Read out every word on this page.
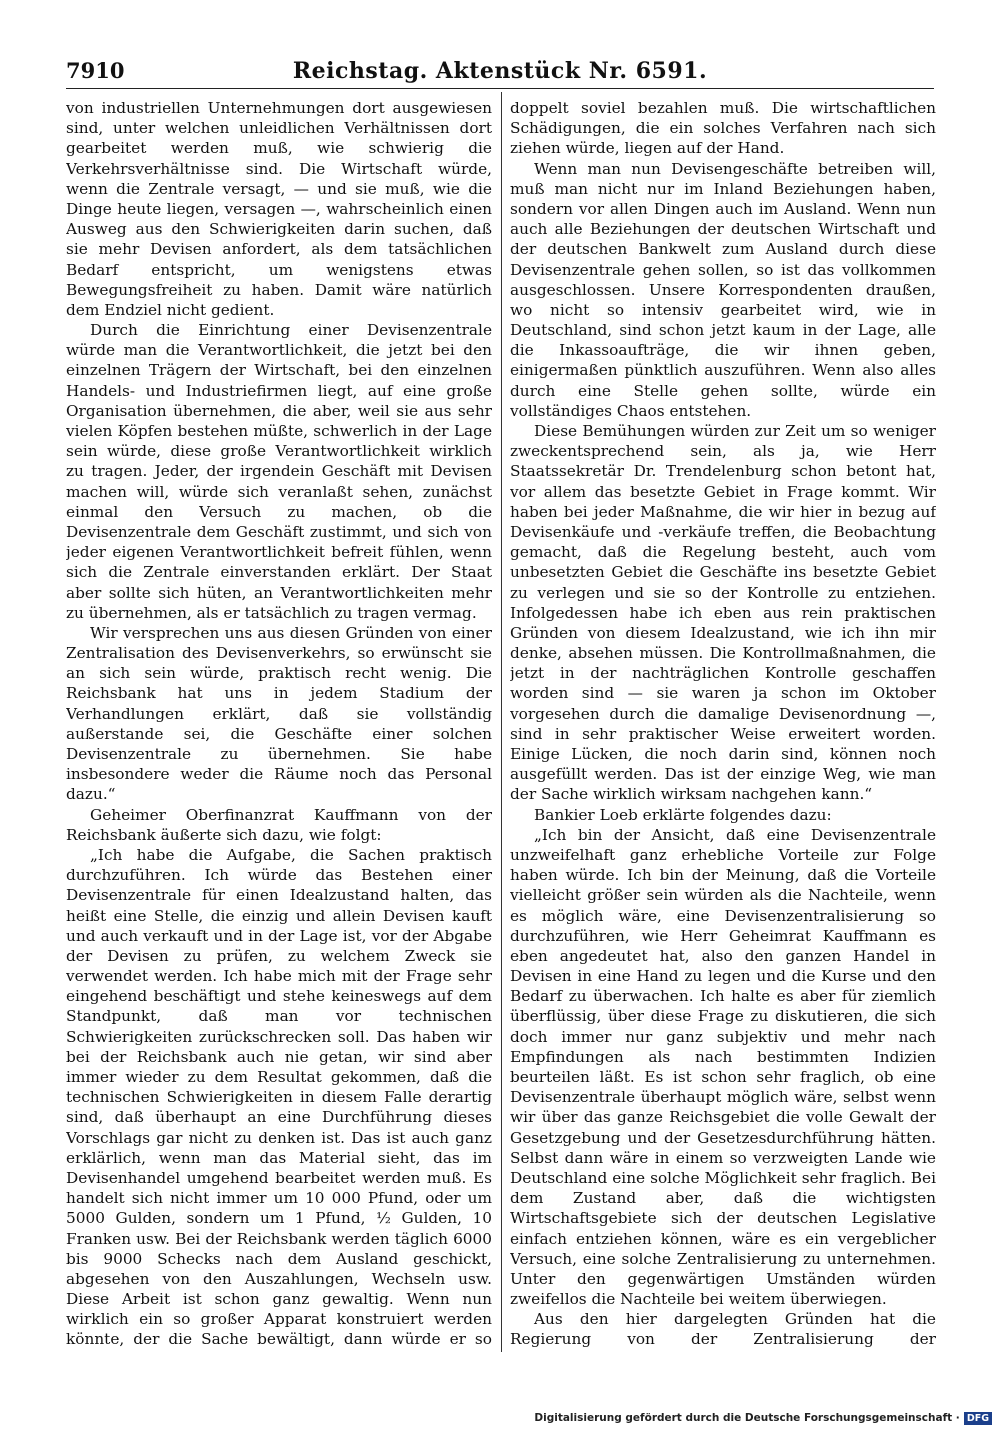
7910	Reichstag. Aktenstück Nr. 6591.

von industriellen Unternehmungen dort ausgewiesen sind, unter welchen unleidlichen Verhältnissen dort gearbeitet werden muß, wie schwierig die Verkehrsverhältnisse sind. Die Wirtschaft würde, wenn die Zentrale versagt, — und sie muß, wie die Dinge heute liegen, versagen —, wahrscheinlich einen Ausweg aus den Schwierigkeiten darin suchen, daß sie mehr Devisen anfordert, als dem tatsächlichen Bedarf entspricht, um wenigstens etwas Bewegungsfreiheit zu haben. Damit wäre natürlich dem Endziel nicht gedient.

Durch die Einrichtung einer Devisenzentrale würde man die Verantwortlichkeit, die jetzt bei den einzelnen Trägern der Wirtschaft, bei den einzelnen Handels- und Industriefirmen liegt, auf eine große Organisation übernehmen, die aber, weil sie aus sehr vielen Köpfen bestehen müßte, schwerlich in der Lage sein würde, diese große Verantwortlichkeit wirklich zu tragen. Jeder, der irgendein Geschäft mit Devisen machen will, würde sich veranlaßt sehen, zunächst einmal den Versuch zu machen, ob die Devisenzentrale dem Geschäft zustimmt, und sich von jeder eigenen Verantwortlichkeit befreit fühlen, wenn sich die Zentrale einverstanden erklärt. Der Staat aber sollte sich hüten, an Verantwortlichkeiten mehr zu übernehmen, als er tatsächlich zu tragen vermag.

Wir versprechen uns aus diesen Gründen von einer Zentralisation des Devisenverkehrs, so erwünscht sie an sich sein würde, praktisch recht wenig. Die Reichsbank hat uns in jedem Stadium der Verhandlungen erklärt, daß sie vollständig außerstande sei, die Geschäfte einer solchen Devisenzentrale zu übernehmen. Sie habe insbesondere weder die Räume noch das Personal dazu.“

Geheimer Oberfinanzrat Kauffmann von der Reichsbank äußerte sich dazu, wie folgt:

„Ich habe die Aufgabe, die Sachen praktisch durchzuführen. Ich würde das Bestehen einer Devisenzentrale für einen Idealzustand halten, das heißt eine Stelle, die einzig und allein Devisen kauft und auch verkauft und in der Lage ist, vor der Abgabe der Devisen zu prüfen, zu welchem Zweck sie verwendet werden. Ich habe mich mit der Frage sehr eingehend beschäftigt und stehe keineswegs auf dem Standpunkt, daß man vor technischen Schwierigkeiten zurückschrecken soll. Das haben wir bei der Reichsbank auch nie getan, wir sind aber immer wieder zu dem Resultat gekommen, daß die technischen Schwierigkeiten in diesem Falle derartig sind, daß überhaupt an eine Durchführung dieses Vorschlags gar nicht zu denken ist. Das ist auch ganz erklärlich, wenn man das Material sieht, das im Devisenhandel umgehend bearbeitet werden muß. Es handelt sich nicht immer um 10 000 Pfund, oder um 5000 Gulden, sondern um 1 Pfund, ½ Gulden, 10 Franken usw. Bei der Reichsbank werden täglich 6000 bis 9000 Schecks nach dem Ausland geschickt, abgesehen von den Auszahlungen, Wechseln usw. Diese Arbeit ist schon ganz gewaltig. Wenn nun wirklich ein so großer Apparat konstruiert werden könnte, der die Sache bewältigt, dann würde er so

doppelt soviel bezahlen muß. Die wirtschaftlichen Schädigungen, die ein solches Verfahren nach sich ziehen würde, liegen auf der Hand.

Wenn man nun Devisengeschäfte betreiben will, muß man nicht nur im Inland Beziehungen haben, sondern vor allen Dingen auch im Ausland. Wenn nun auch alle Beziehungen der deutschen Wirtschaft und der deutschen Bankwelt zum Ausland durch diese Devisenzentrale gehen sollen, so ist das vollkommen ausgeschlossen. Unsere Korrespondenten draußen, wo nicht so intensiv gearbeitet wird, wie in Deutschland, sind schon jetzt kaum in der Lage, alle die Inkassoaufträge, die wir ihnen geben, einigermaßen pünktlich auszuführen. Wenn also alles durch eine Stelle gehen sollte, würde ein vollständiges Chaos entstehen.

Diese Bemühungen würden zur Zeit um so weniger zweckentsprechend sein, als ja, wie Herr Staatssekretär Dr. Trendelenburg schon betont hat, vor allem das besetzte Gebiet in Frage kommt. Wir haben bei jeder Maßnahme, die wir hier in bezug auf Devisenkäufe und -verkäufe treffen, die Beobachtung gemacht, daß die Regelung besteht, auch vom unbesetzten Gebiet die Geschäfte ins besetzte Gebiet zu verlegen und sie so der Kontrolle zu entziehen. Infolgedessen habe ich eben aus rein praktischen Gründen von diesem Idealzustand, wie ich ihn mir denke, absehen müssen. Die Kontrollmaßnahmen, die jetzt in der nachträglichen Kontrolle geschaffen worden sind — sie waren ja schon im Oktober vorgesehen durch die damalige Devisenordnung —, sind in sehr praktischer Weise erweitert worden. Einige Lücken, die noch darin sind, können noch ausgefüllt werden. Das ist der einzige Weg, wie man der Sache wirklich wirksam nachgehen kann.“

Bankier Loeb erklärte folgendes dazu:

„Ich bin der Ansicht, daß eine Devisenzentrale unzweifelhaft ganz erhebliche Vorteile zur Folge haben würde. Ich bin der Meinung, daß die Vorteile vielleicht größer sein würden als die Nachteile, wenn es möglich wäre, eine Devisenzentralisierung so durchzuführen, wie Herr Geheimrat Kauffmann es eben angedeutet hat, also den ganzen Handel in Devisen in eine Hand zu legen und die Kurse und den Bedarf zu überwachen. Ich halte es aber für ziemlich überflüssig, über diese Frage zu diskutieren, die sich doch immer nur ganz subjektiv und mehr nach Empfindungen als nach bestimmten Indizien beurteilen läßt. Es ist schon sehr fraglich, ob eine Devisenzentrale überhaupt möglich wäre, selbst wenn wir über das ganze Reichsgebiet die volle Gewalt der Gesetzgebung und der Gesetzesdurchführung hätten. Selbst dann wäre in einem so verzweigten Lande wie Deutschland eine solche Möglichkeit sehr fraglich. Bei dem Zustand aber, daß die wichtigsten Wirtschaftsgebiete sich der deutschen Legislative einfach entziehen können, wäre es ein vergeblicher Versuch, eine solche Zentralisierung zu unternehmen. Unter den gegenwärtigen Umständen würden zweifellos die Nachteile bei weitem überwiegen.

Aus den hier dargelegten Gründen hat die Regierung von der Zentralisierung der

Digitalisierung gefördert durch die Deutsche Forschungsgemeinschaft · DFG
